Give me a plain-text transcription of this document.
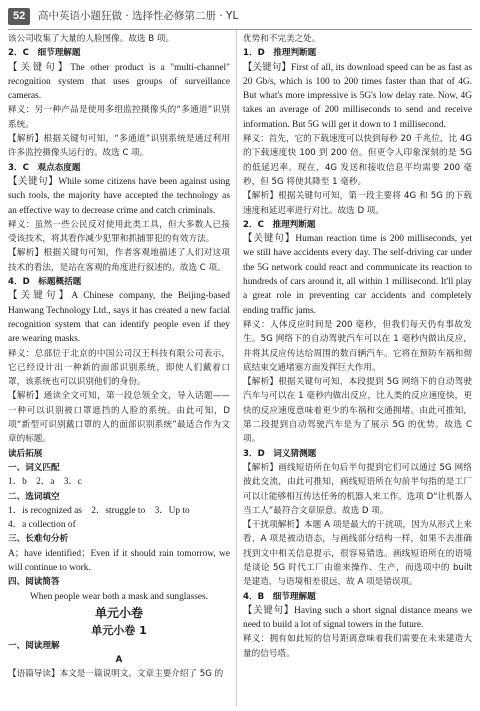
52	高中英语小题狂做 · 选择性必修第二册 · YL

该公司收集了大量的人脸图像。故选 B 项。

2．C　细节理解题

【关键句】The other product is a "multi-channel" recognition system that uses groups of surveillance cameras.

释义：另一种产品是使用多组监控摄像头的“多通道”识别系统。

【解析】根据关键句可知，“多通道”识别系统是通过利用许多监控摄像头运行的。故选 C 项。

3．C　观点态度题

【关键句】While some citizens have been against using such tools, the majority have accepted the technology as an effective way to decrease crime and catch criminals.

释义：虽然一些公民反对使用此类工具，但大多数人已接受该技术，将其看作减少犯罪和抓捕罪犯的有效方法。

【解析】根据关键句可知，作者客观地描述了人们对这项技术的看法，是站在客观的角度进行叙述的。故选 C 项。

4．D　标题概括题

【关键句】A Chinese company, the Beijing-based Hanwang Technology Ltd., says it has created a new facial recognition system that can identify people even if they are wearing masks.

释义：总部位于北京的中国公司汉王科技有限公司表示，它已经设计出一种新的面部识别系统，即使人们戴着口罩，该系统也可以识别他们的身份。

【解析】通读全文可知，第一段总领全文，导入话题——一种可以识别被口罩遮挡的人脸的系统。由此可知，D 项“新型可识别戴口罩的人的面部识别系统”最适合作为文章的标题。

读后拓展

一、词义匹配

1．b　2．a　3．c

二、选词填空

1．is recognized as　2．struggle to　3．Up to

4．a collection of

三、长难句分析

A；have identified；Even if it should rain tomorrow, we will continue to work.

四、阅读简答

When people wear both a mask and sunglasses.

单元小卷

单元小卷 1

一、阅读理解

A

【语篇导读】本文是一篇说明文。文章主要介绍了 5G 的

优势和不完美之处。

1．D　推理判断题

【关键句】First of all, its download speed can be as fast as 20 Gb/s, which is 100 to 200 times faster than that of 4G. But what's more impressive is 5G's low delay rate. Now, 4G takes an average of 200 milliseconds to send and receive information. But 5G will get it down to 1 millisecond.

释义：首先，它的下载速度可以快到每秒 20 千兆位，比 4G 的下载速度快 100 到 200 倍。但更令人印象深刻的是 5G 的低延迟率。现在，4G 发送和接收信息平均需要 200 毫秒，但 5G 将使其降至 1 毫秒。

【解析】根据关键句可知，第一段主要将 4G 和 5G 的下载速度和延迟率进行对比。故选 D 项。

2．C　推理判断题

【关键句】Human reaction time is 200 milliseconds, yet we still have accidents every day. The self-driving car under the 5G network could react and communicate its reaction to hundreds of cars around it, all within 1 millisecond. It'll play a great role in preventing car accidents and completely ending traffic jams.

释义：人体反应时间是 200 毫秒，但我们每天仍有事故发生。5G 网络下的自动驾驶汽车可以在 1 毫秒内做出反应，并将其反应传达给周围的数百辆汽车。它将在预防车祸和彻底结束交通堵塞方面发挥巨大作用。

【解析】根据关键句可知，本段提到 5G 网络下的自动驾驶汽车与可以在 1 毫秒内做出反应，比人类的反应速度快，更快的反应速度意味着更少的车祸和交通拥堵。由此可推知，第二段提到自动驾驶汽车是为了展示 5G 的优势。故选 C 项。

3．D　词义猜测题

【解析】画线短语所在句后半句提到它们可以通过 5G 网络彼此交流，由此可推知，画线短语所在句前半句指的是工厂可以让能够相互传达任务的机器人来工作。选项 D“让机器人当工人”最符合文章原意。故选 D 项。

【干扰项解析】本题 A 项是最大的干扰项，因为从形式上来看，A 项是被动语态，与画线部分结构一样，如果不去准确找到文中相关信息提示，很容易错选。画线短语所在的语境是谈论 5G 时代工厂由谁来操作、生产，而选项中的 built 是建造，与语境相差很远，故 A 项是错误项。

4．B　细节理解题

【关键句】Having such a short signal distance means we need to build a lot of signal towers in the future.

释义：拥有如此短的信号距离意味着我们需要在未来建造大量的信号塔。
